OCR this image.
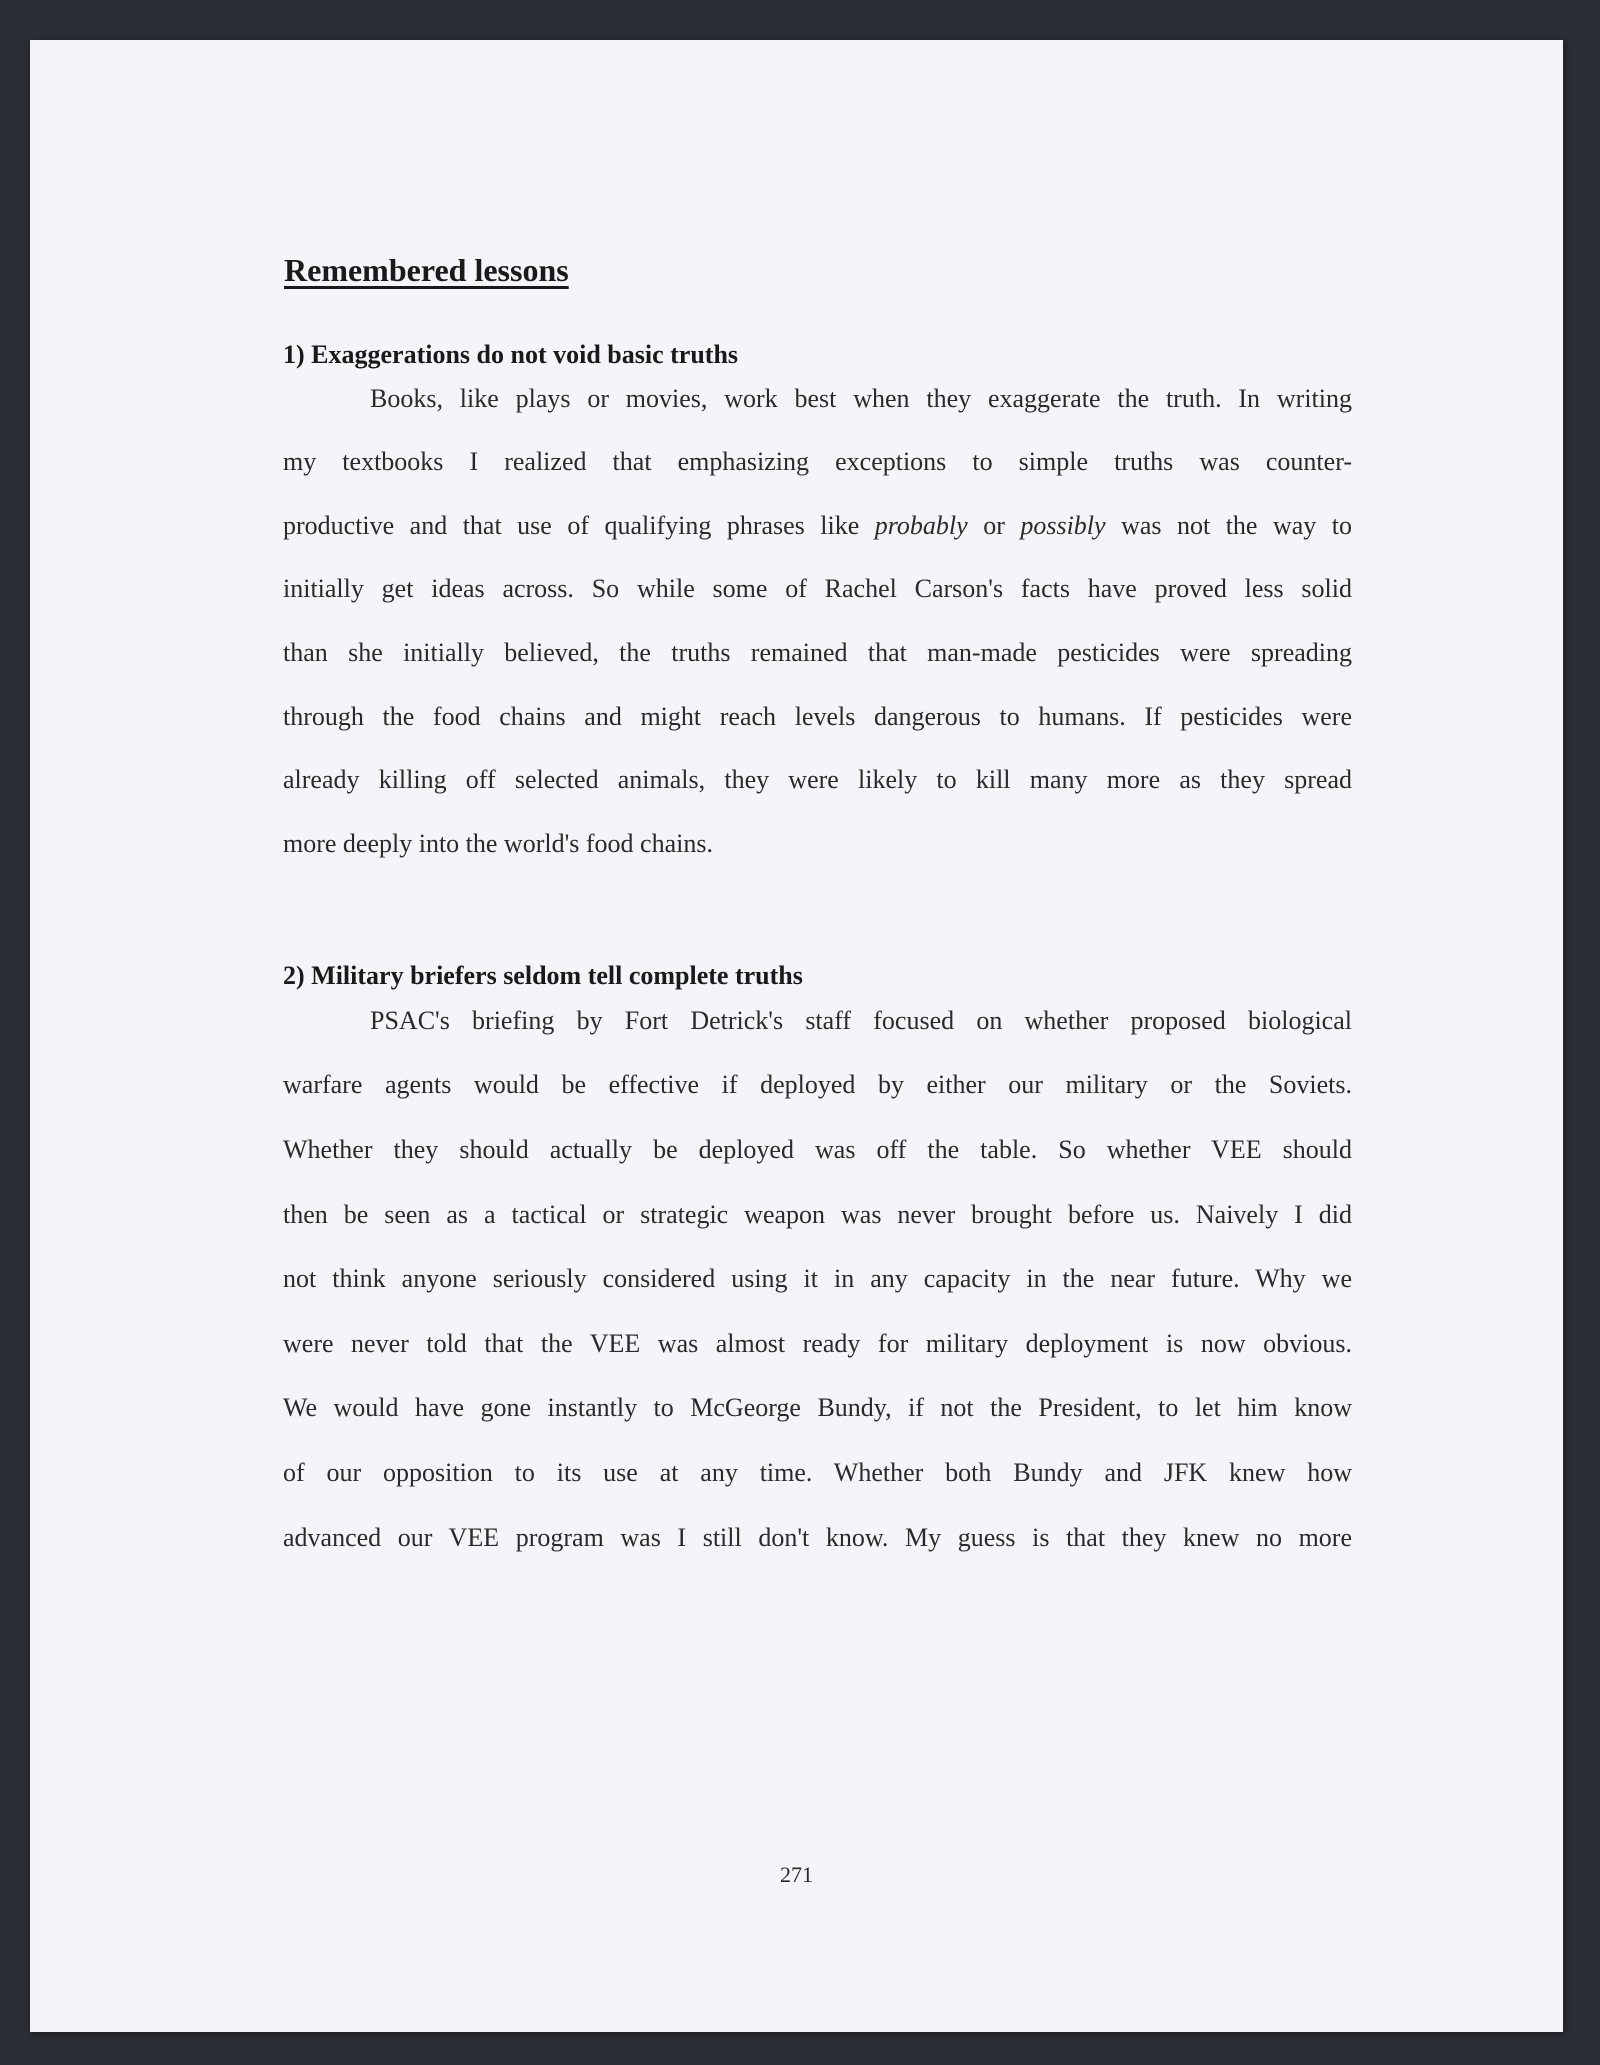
Remembered lessons
1) Exaggerations do not void basic truths
Books, like plays or movies, work best when they exaggerate the truth. In writing
my textbooks I realized that emphasizing exceptions to simple truths was counter-
productive and that use of qualifying phrases like probably or possibly was not the way to
initially get ideas across. So while some of Rachel Carson's facts have proved less solid
than she initially believed, the truths remained that man-made pesticides were spreading
through the food chains and might reach levels dangerous to humans. If pesticides were
already killing off selected animals, they were likely to kill many more as they spread
more deeply into the world's food chains.
2) Military briefers seldom tell complete truths
PSAC's briefing by Fort Detrick's staff focused on whether proposed biological
warfare agents would be effective if deployed by either our military or the Soviets.
Whether they should actually be deployed was off the table. So whether VEE should
then be seen as a tactical or strategic weapon was never brought before us. Naively I did
not think anyone seriously considered using it in any capacity in the near future. Why we
were never told that the VEE was almost ready for military deployment is now obvious.
We would have gone instantly to McGeorge Bundy, if not the President, to let him know
of our opposition to its use at any time. Whether both Bundy and JFK knew how
advanced our VEE program was I still don't know. My guess is that they knew no more
271
